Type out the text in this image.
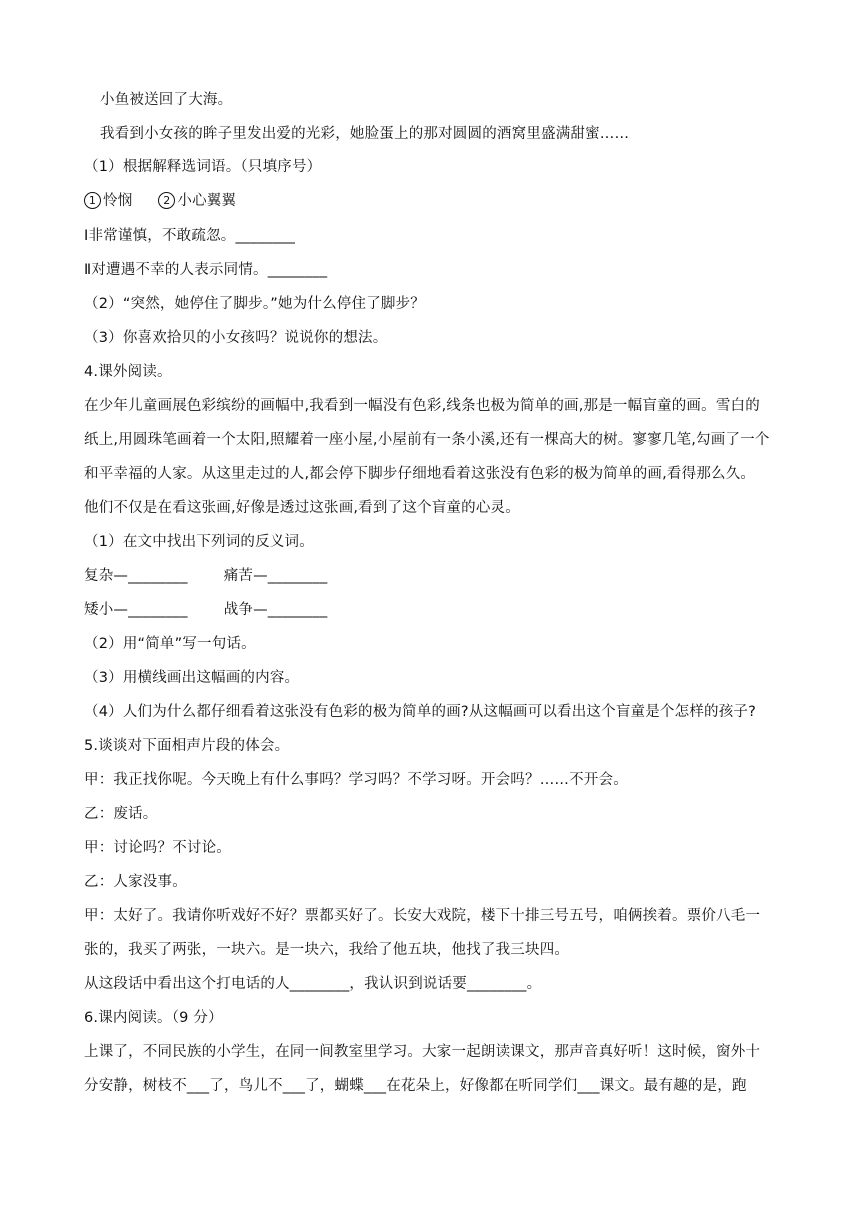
小鱼被送回了大海。
我看到小女孩的眸子里发出爱的光彩，她脸蛋上的那对圆圆的酒窝里盛满甜蜜……
（1）根据解释选词语。（只填序号）
1 怜悯	2 小心翼翼
Ⅰ非常谨慎，不敢疏忽。________
Ⅱ对遭遇不幸的人表示同情。________
（2）“突然，她停住了脚步。”她为什么停住了脚步？
（3）你喜欢拾贝的小女孩吗？说说你的想法。
4.课外阅读。
在少年儿童画展色彩缤纷的画幅中,我看到一幅没有色彩,线条也极为简单的画,那是一幅盲童的画。雪白的
纸上,用圆珠笔画着一个太阳,照耀着一座小屋,小屋前有一条小溪,还有一棵高大的树。寥寥几笔,勾画了一个
和平幸福的人家。从这里走过的人,都会停下脚步仔细地看着这张没有色彩的极为简单的画,看得那么久。
他们不仅是在看这张画,好像是透过这张画,看到了这个盲童的心灵。
（1）在文中找出下列词的反义词。
复杂—________ 痛苦—________
矮小—________ 战争—________
（2）用“简单”写一句话。
（3）用横线画出这幅画的内容。
（4）人们为什么都仔细看着这张没有色彩的极为简单的画?从这幅画可以看出这个盲童是个怎样的孩子?
5.谈谈对下面相声片段的体会。
甲：我正找你呢。今天晚上有什么事吗？学习吗？不学习呀。开会吗？……不开会。
乙：废话。
甲：讨论吗？不讨论。
乙：人家没事。
甲：太好了。我请你听戏好不好？票都买好了。长安大戏院，楼下十排三号五号，咱俩挨着。票价八毛一
张的，我买了两张，一块六。是一块六，我给了他五块，他找了我三块四。
从这段话中看出这个打电话的人________，我认识到说话要________。
6.课内阅读。（9 分）
上课了，不同民族的小学生，在同一间教室里学习。大家一起朗读课文，那声音真好听！这时候，窗外十
分安静，树枝不___了，鸟儿不___了，蝴蝶___在花朵上，好像都在听同学们___课文。最有趣的是，跑
